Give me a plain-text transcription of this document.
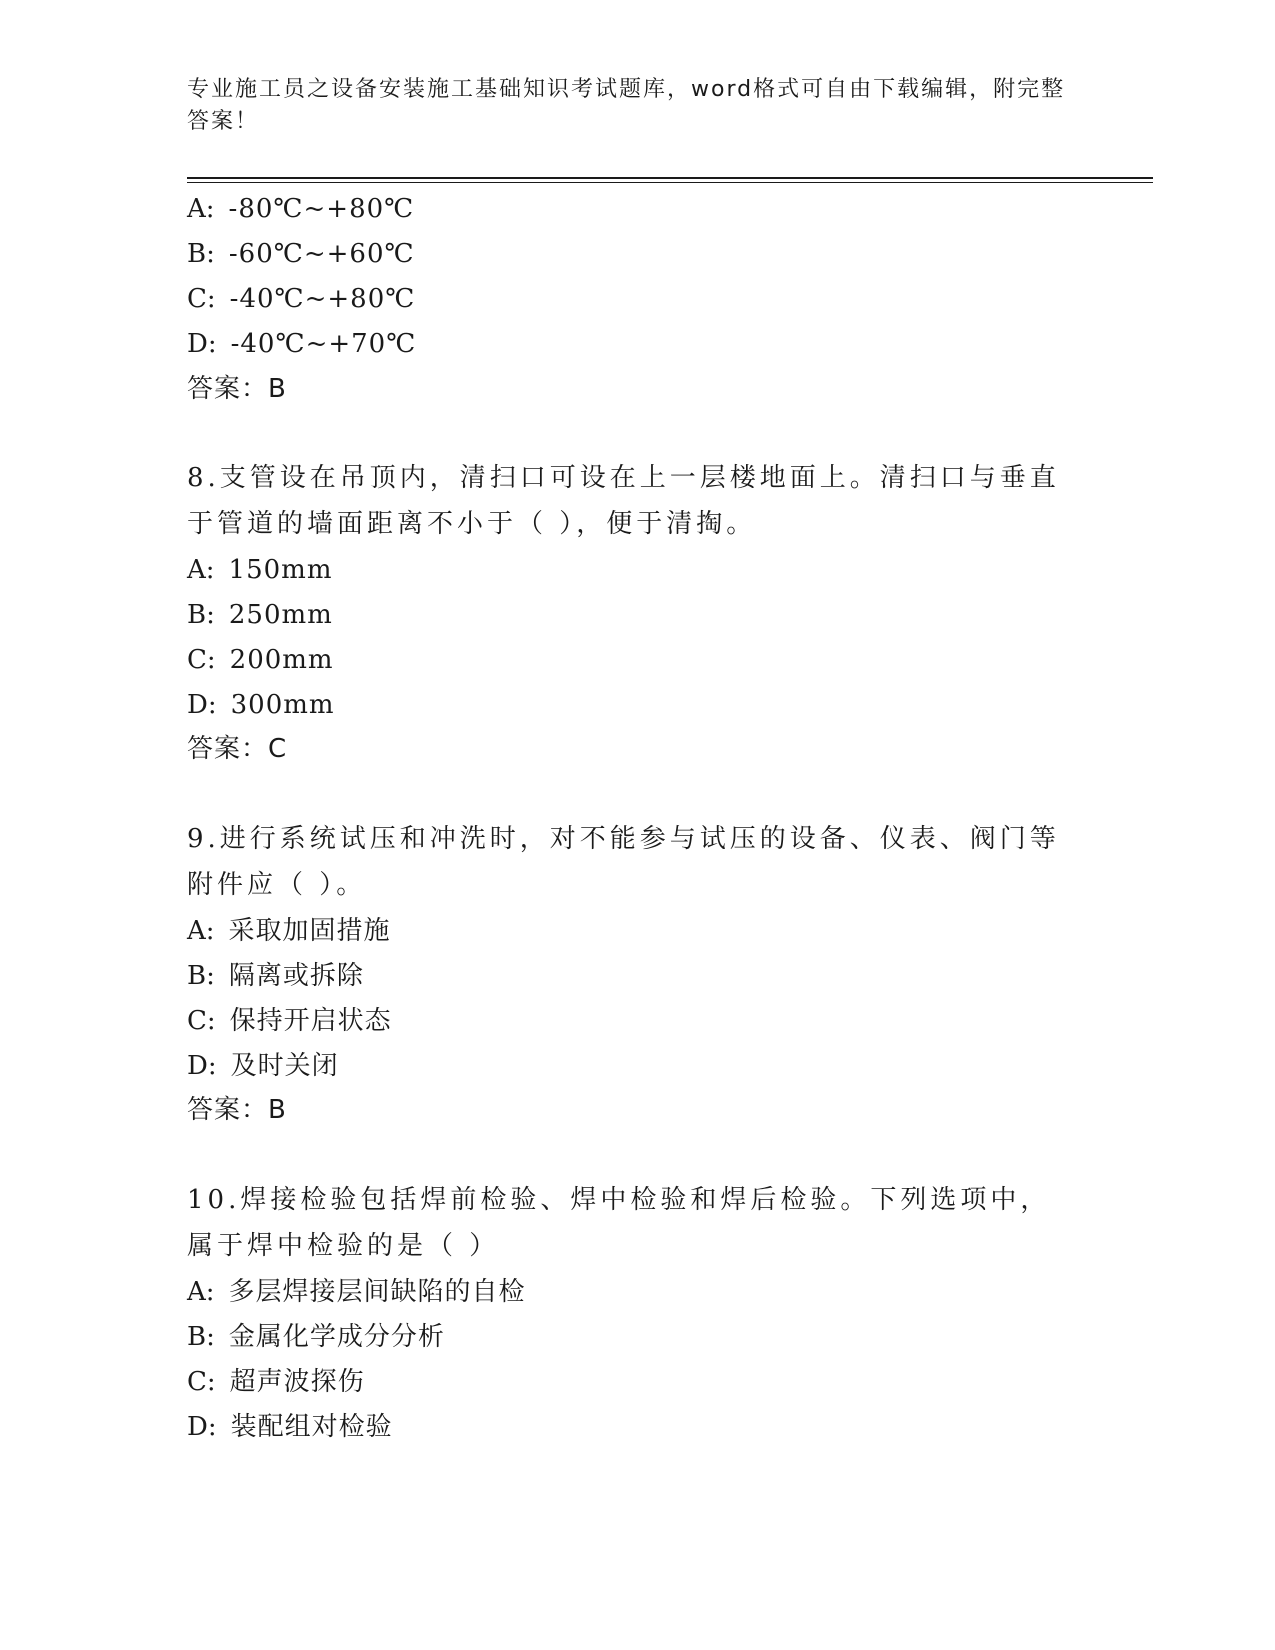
专业施工员之设备安装施工基础知识考试题库，word格式可自由下载编辑，附完整答案！
A: -80℃~+80℃
B: -60℃~+60℃
C: -40℃~+80℃
D: -40℃~+70℃
答案：B
8.支管设在吊顶内，清扫口可设在上一层楼地面上。清扫口与垂直于管道的墙面距离不小于（ ），便于清掏。
A: 150mm
B: 250mm
C: 200mm
D: 300mm
答案：C
9.进行系统试压和冲洗时，对不能参与试压的设备、仪表、阀门等附件应（ ）。
A: 采取加固措施
B: 隔离或拆除
C: 保持开启状态
D: 及时关闭
答案：B
10.焊接检验包括焊前检验、焊中检验和焊后检验。下列选项中，属于焊中检验的是（ ）
A: 多层焊接层间缺陷的自检
B: 金属化学成分分析
C: 超声波探伤
D: 装配组对检验
